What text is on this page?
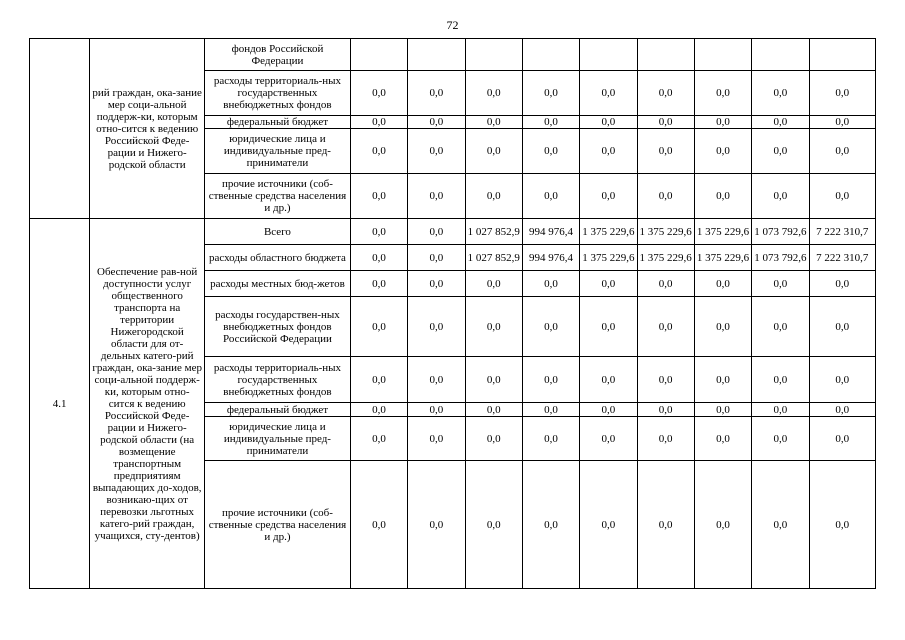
72
	рий граждан, ока-зание мер соци-альной поддерж-ки, которым отно-сится к ведению Российской Феде-рации и Нижего-родской области	фондов Российской Федерации									
		расходы территориаль-ных государственных внебюджетных фондов	0,0	0,0	0,0	0,0	0,0	0,0	0,0	0,0	0,0
		федеральный бюджет	0,0	0,0	0,0	0,0	0,0	0,0	0,0	0,0	0,0
		юридические лица и индивидуальные пред-приниматели	0,0	0,0	0,0	0,0	0,0	0,0	0,0	0,0	0,0
		прочие источники (соб-ственные средства населения и др.)	0,0	0,0	0,0	0,0	0,0	0,0	0,0	0,0	0,0
4.1	Обеспечение рав-ной доступности услуг общественного транспорта на территории Нижегородской области для от-дельных катего-рий граждан, ока-зание мер соци-альной поддерж-ки, которым отно-сится к ведению Российской Феде-рации и Нижего-родской области (на возмещение транспортным предприятиям выпадающих до-ходов, возникаю-щих от перевозки льготных катего-рий граждан, учащихся, сту-дентов)	Всего	0,0	0,0	1 027 852,9	994 976,4	1 375 229,6	1 375 229,6	1 375 229,6	1 073 792,6	7 222 310,7
		расходы областного бюджета	0,0	0,0	1 027 852,9	994 976,4	1 375 229,6	1 375 229,6	1 375 229,6	1 073 792,6	7 222 310,7
		расходы местных бюд-жетов	0,0	0,0	0,0	0,0	0,0	0,0	0,0	0,0	0,0
		расходы государствен-ных внебюджетных фондов Российской Федерации	0,0	0,0	0,0	0,0	0,0	0,0	0,0	0,0	0,0
		расходы территориаль-ных государственных внебюджетных фондов	0,0	0,0	0,0	0,0	0,0	0,0	0,0	0,0	0,0
		федеральный бюджет	0,0	0,0	0,0	0,0	0,0	0,0	0,0	0,0	0,0
		юридические лица и индивидуальные пред-приниматели	0,0	0,0	0,0	0,0	0,0	0,0	0,0	0,0	0,0
		прочие источники (соб-ственные средства населения и др.)	0,0	0,0	0,0	0,0	0,0	0,0	0,0	0,0	0,0
